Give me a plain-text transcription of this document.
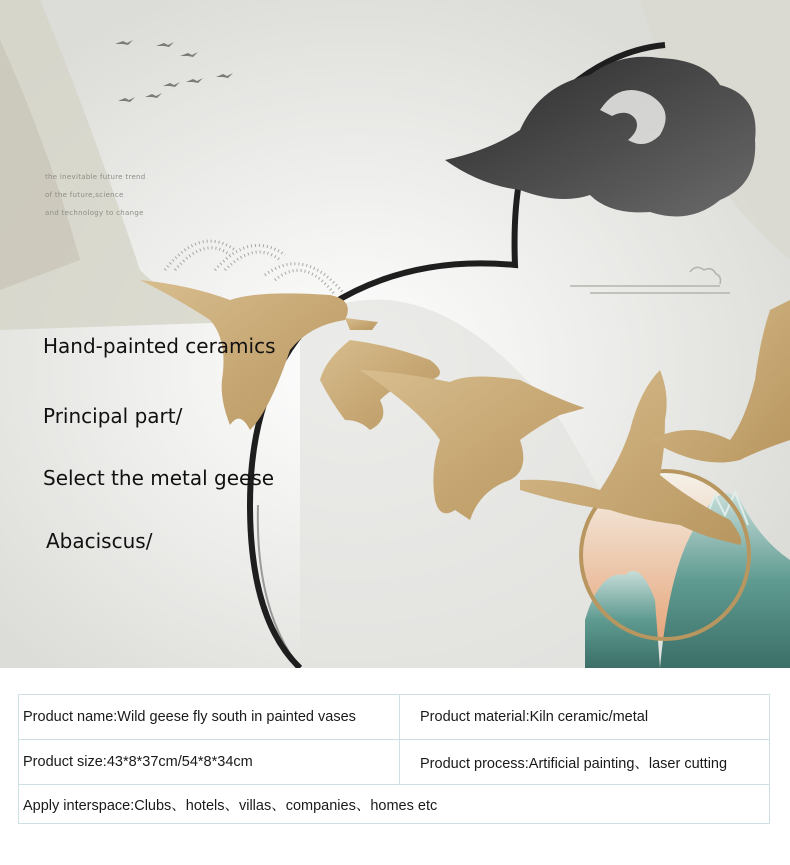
the inevitable future trend
of the future,science
and technology to change
Hand-painted ceramics
Principal part/
Select the metal geese
Abaciscus/
Product name:Wild geese fly south in painted vases	Product material:Kiln ceramic/metal
Product size:43*8*37cm/54*8*34cm	Product process:Artificial painting、laser cutting
Apply interspace:Clubs、hotels、villas、companies、homes etc	
